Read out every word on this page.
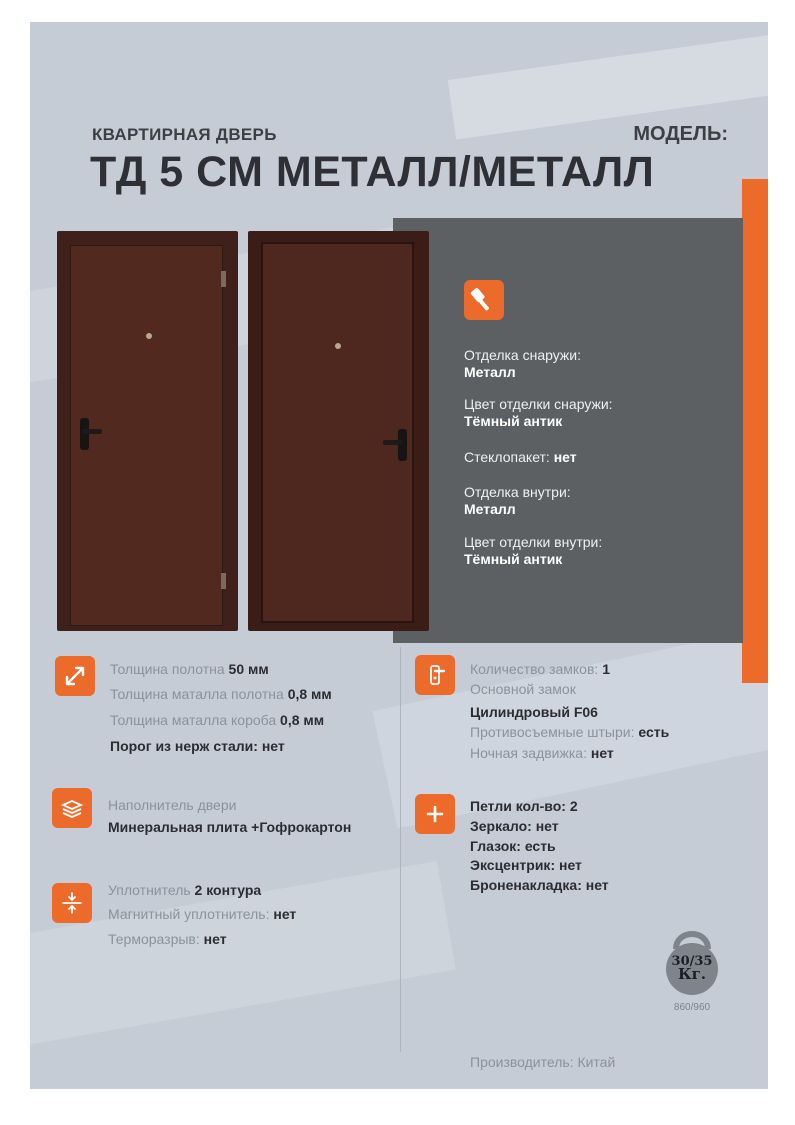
КВАРТИРНАЯ ДВЕРЬ	МОДЕЛЬ:
ТД 5 СМ МЕТАЛЛ/МЕТАЛЛ
Отделка снаружи:
Металл
Цвет отделки снаружи:
Тёмный антик
Стеклопакет: нет
Отделка внутри:
Металл
Цвет отделки внутри:
Тёмный антик
Толщина полотна 50 мм
Толщина маталла полотна 0,8 мм
Толщина маталла короба 0,8 мм
Порог из нерж стали: нет
Наполнитель двери
Минеральная плита +Гофрокартон
Уплотнитель 2 контура
Магнитный уплотнитель: нет
Терморазрыв: нет
Количество замков: 1
Основной замок
Цилиндровый F06
Противосъемные штыри: есть
Ночная задвижка: нет
Петли кол-во: 2
Зеркало: нет
Глазок: есть
Эксцентрик: нет
Броненакладка: нет
30/35
Кг.
860/960
Производитель: Китай
